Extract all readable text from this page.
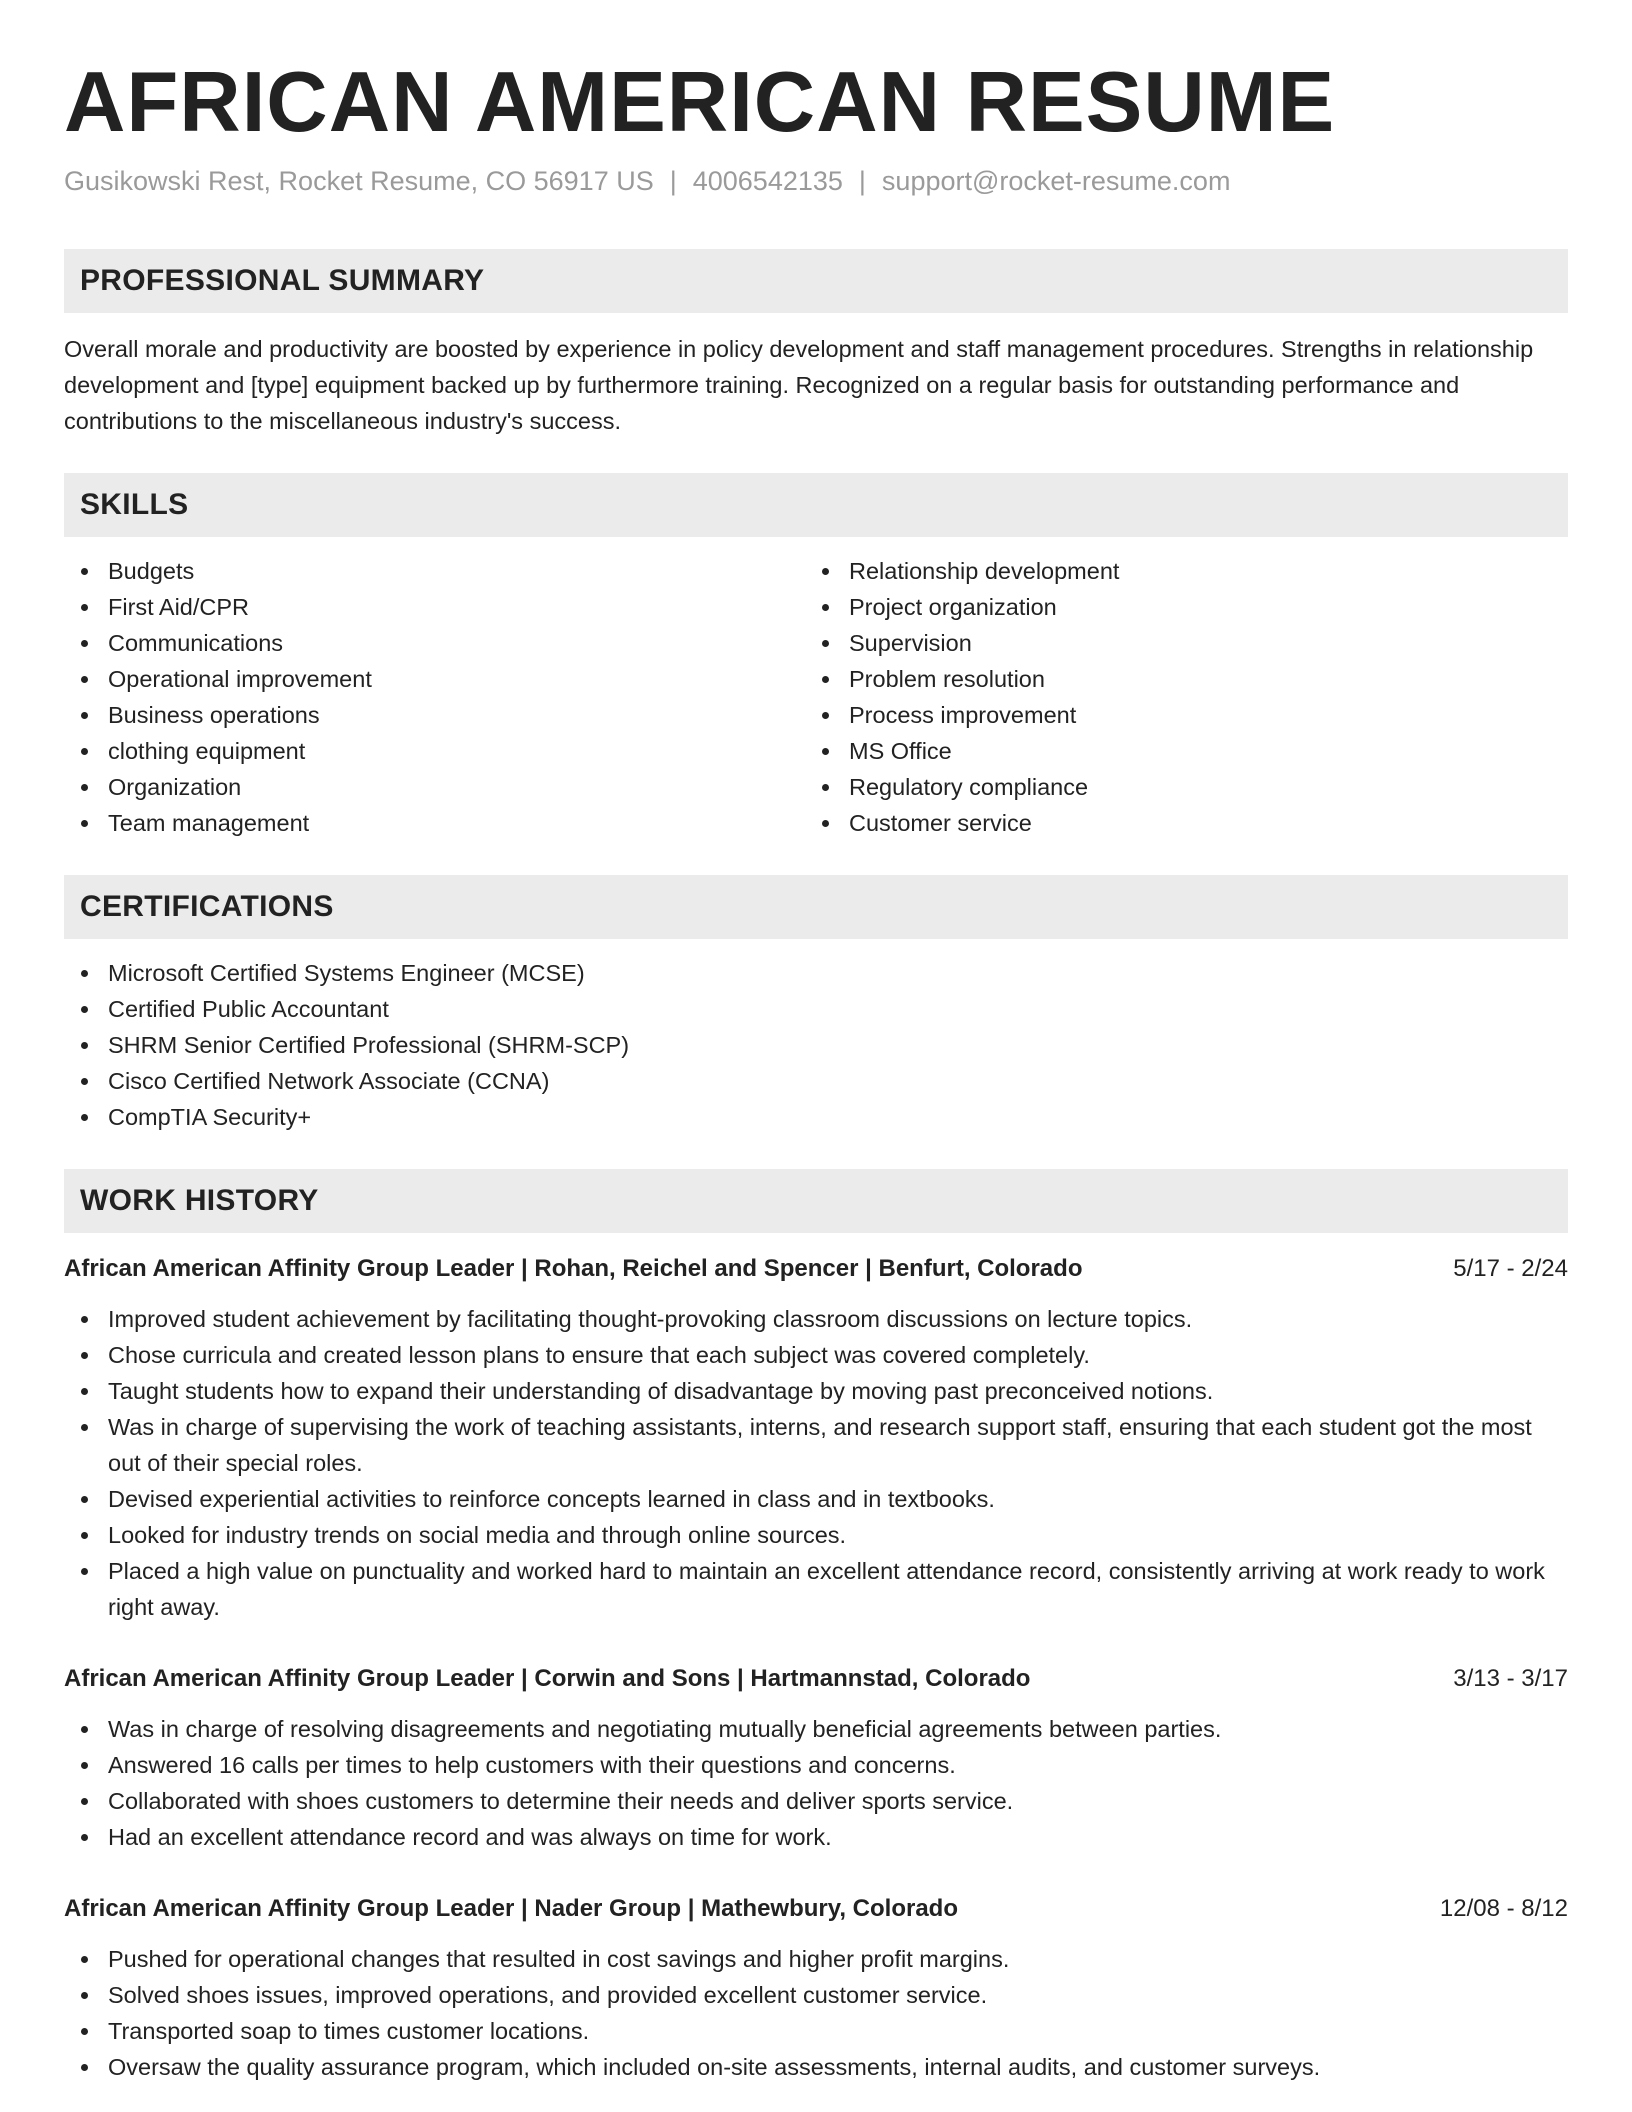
AFRICAN AMERICAN RESUME
Gusikowski Rest, Rocket Resume, CO 56917 US | 4006542135 | support@rocket-resume.com
PROFESSIONAL SUMMARY

Overall morale and productivity are boosted by experience in policy development and staff management procedures. Strengths in relationship development and [type] equipment backed up by furthermore training. Recognized on a regular basis for outstanding performance and contributions to the miscellaneous industry's success.

SKILLS
Budgets
First Aid/CPR
Communications
Operational improvement
Business operations
clothing equipment
Organization
Team management
Relationship development
Project organization
Supervision
Problem resolution
Process improvement
MS Office
Regulatory compliance
Customer service
CERTIFICATIONS
Microsoft Certified Systems Engineer (MCSE)
Certified Public Accountant
SHRM Senior Certified Professional (SHRM-SCP)
Cisco Certified Network Associate (CCNA)
CompTIA Security+
WORK HISTORY
African American Affinity Group Leader | Rohan, Reichel and Spencer | Benfurt, Colorado	5/17 - 2/24
Improved student achievement by facilitating thought-provoking classroom discussions on lecture topics.
Chose curricula and created lesson plans to ensure that each subject was covered completely.
Taught students how to expand their understanding of disadvantage by moving past preconceived notions.
Was in charge of supervising the work of teaching assistants, interns, and research support staff, ensuring that each student got the most out of their special roles.
Devised experiential activities to reinforce concepts learned in class and in textbooks.
Looked for industry trends on social media and through online sources.
Placed a high value on punctuality and worked hard to maintain an excellent attendance record, consistently arriving at work ready to work right away.
African American Affinity Group Leader | Corwin and Sons | Hartmannstad, Colorado	3/13 - 3/17
Was in charge of resolving disagreements and negotiating mutually beneficial agreements between parties.
Answered 16 calls per times to help customers with their questions and concerns.
Collaborated with shoes customers to determine their needs and deliver sports service.
Had an excellent attendance record and was always on time for work.
African American Affinity Group Leader | Nader Group | Mathewbury, Colorado	12/08 - 8/12
Pushed for operational changes that resulted in cost savings and higher profit margins.
Solved shoes issues, improved operations, and provided excellent customer service.
Transported soap to times customer locations.
Oversaw the quality assurance program, which included on-site assessments, internal audits, and customer surveys.
